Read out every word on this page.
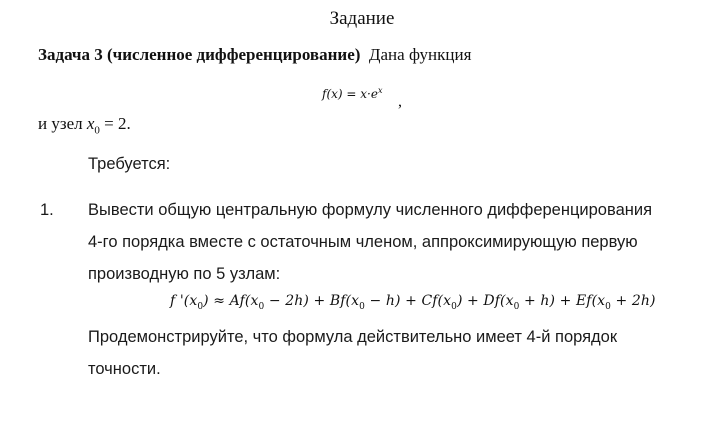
Задание
Задача 3 (численное дифференцирование) Дана функция
$f(x) = x\cdot e^x$
,
и узел $x_0 = 2$.
Требуется:
1. Вывести общую центральную формулу численного дифференцирования
4-го порядка вместе с остаточным членом, аппроксимирующую первую
производную по 5 узлам:
f '$(x_0) \approx Af(x_0 - 2h) + Bf(x_0 - h) + Cf(x_0) + Df(x_0 + h) + Ef(x_0 + 2h)$
Продемонстрируйте, что формула действительно имеет 4-й порядок
точности.
